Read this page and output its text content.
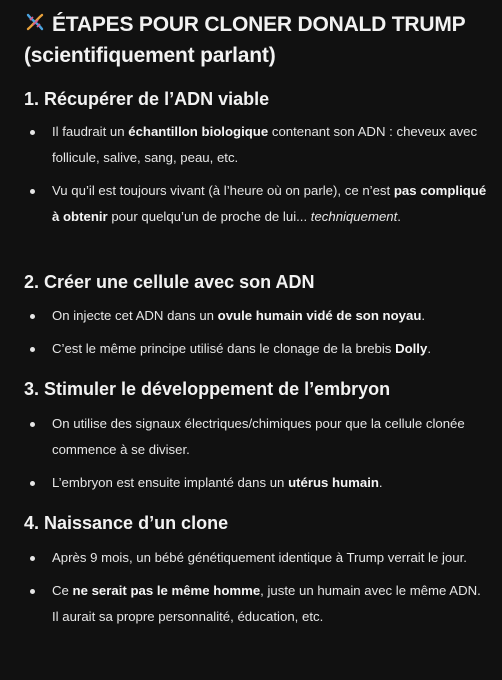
ÉTAPES POUR CLONER DONALD TRUMP
(scientifiquement parlant)
1. Récupérer de l’ADN viable
Il faudrait un échantillon biologique contenant son ADN : cheveux avec follicule, salive, sang, peau, etc.
Vu qu’il est toujours vivant (à l’heure où on parle), ce n’est pas compliqué à obtenir pour quelqu’un de proche de lui... techniquement.
2. Créer une cellule avec son ADN
On injecte cet ADN dans un ovule humain vidé de son noyau.
C’est le même principe utilisé dans le clonage de la brebis Dolly.
3. Stimuler le développement de l’embryon
On utilise des signaux électriques/chimiques pour que la cellule clonée commence à se diviser.
L’embryon est ensuite implanté dans un utérus humain.
4. Naissance d’un clone
Après 9 mois, un bébé génétiquement identique à Trump verrait le jour.
Ce ne serait pas le même homme, juste un humain avec le même ADN. Il aurait sa propre personnalité, éducation, etc.
